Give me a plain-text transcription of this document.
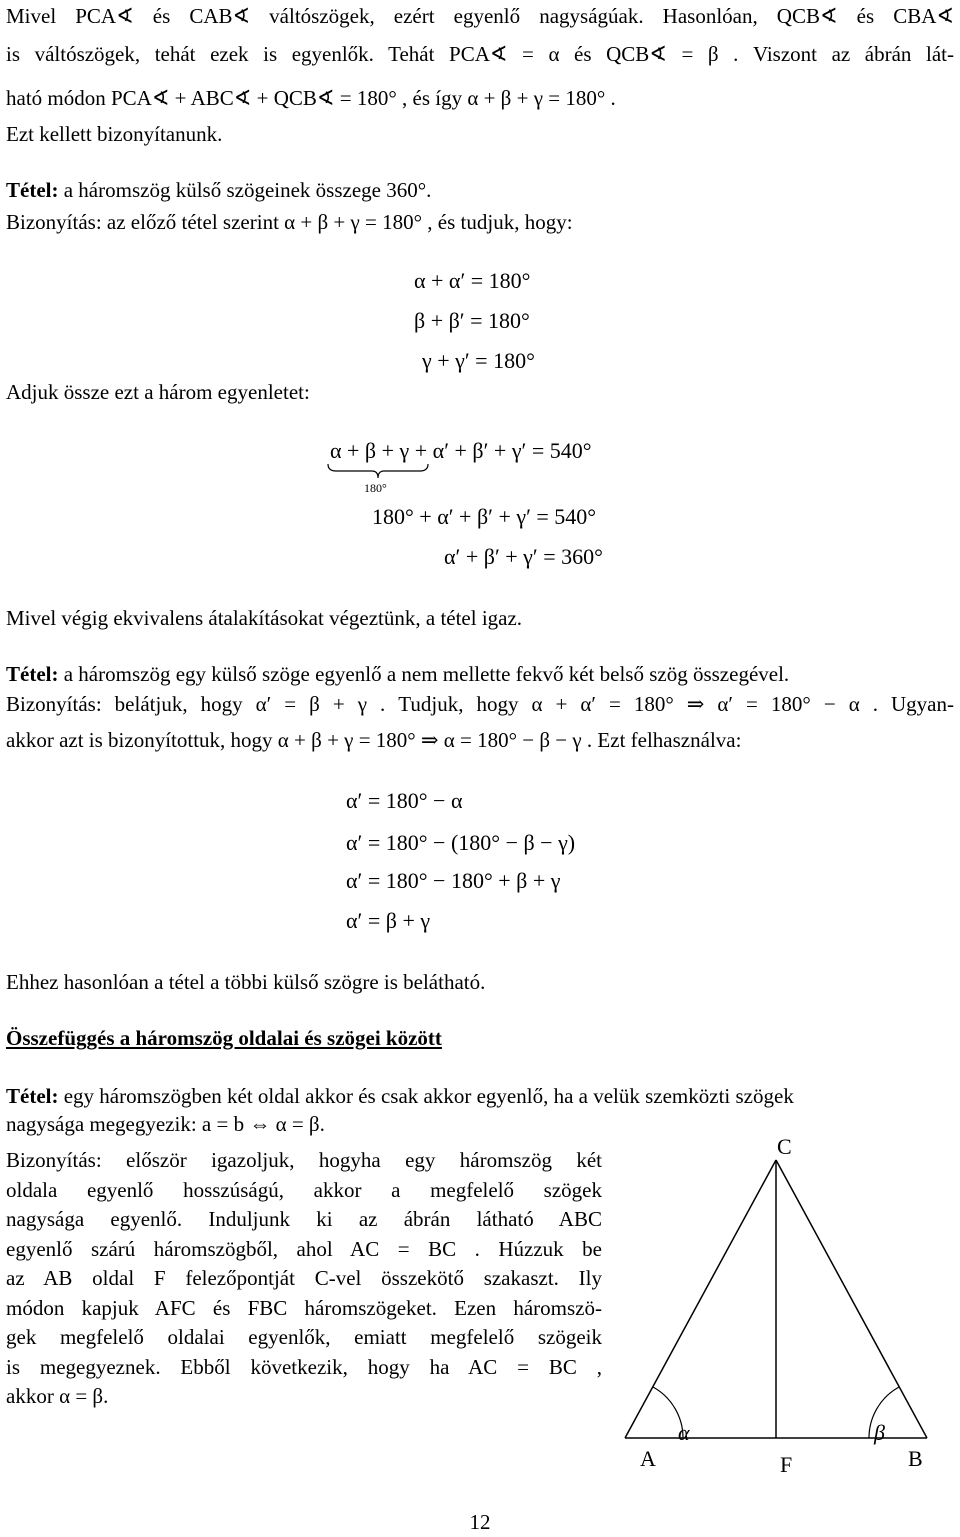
Mivel PCA∢ és CAB∢ váltószögek, ezért egyenlő nagyságúak. Hasonlóan, QCB∢ és CBA∢
is váltószögek, tehát ezek is egyenlők. Tehát PCA∢ = α és QCB∢ = β . Viszont az ábrán lát-
ható módon PCA∢ + ABC∢ + QCB∢ = 180° , és így α + β + γ = 180° .
Ezt kellett bizonyítanunk.
Tétel: a háromszög külső szögeinek összege 360°.
Bizonyítás: az előző tétel szerint α + β + γ = 180° , és tudjuk, hogy:
α + α′ = 180°
β + β′ = 180°
γ + γ′ = 180°
Adjuk össze ezt a három egyenletet:
α + β + γ + α′ + β′ + γ′ = 540°
180°
180° + α′ + β′ + γ′ = 540°
α′ + β′ + γ′ = 360°
Mivel végig ekvivalens átalakításokat végeztünk, a tétel igaz.
Tétel: a háromszög egy külső szöge egyenlő a nem mellette fekvő két belső szög összegével.
Bizonyítás: belátjuk, hogy α′ = β + γ . Tudjuk, hogy α + α′ = 180° ⇒ α′ = 180° − α . Ugyan-
akkor azt is bizonyítottuk, hogy α + β + γ = 180° ⇒ α = 180° − β − γ . Ezt felhasználva:
α′ = 180° − α
α′ = 180° − (180° − β − γ)
α′ = 180° − 180° + β + γ
α′ = β + γ
Ehhez hasonlóan a tétel a többi külső szögre is belátható.
Összefüggés a háromszög oldalai és szögei között
Tétel: egy háromszögben két oldal akkor és csak akkor egyenlő, ha a velük szemközti szögek
nagysága megegyezik: a = b ⇔ α = β.
Bizonyítás: először igazoljuk, hogyha egy háromszög két
oldala egyenlő hosszúságú, akkor a megfelelő szögek
nagysága egyenlő. Induljunk ki az ábrán látható ABC
egyenlő szárú háromszögből, ahol AC = BC . Húzzuk be
az AB oldal F felezőpontját C-vel összekötő szakaszt. Ily
módon kapjuk AFC és FBC háromszögeket. Ezen háromszö-
gek megfelelő oldalai egyenlők, emiatt megfelelő szögeik
is megegyeznek. Ebből következik, hogy ha AC = BC ,
akkor α = β.
C
A	B
F
α	β
12
